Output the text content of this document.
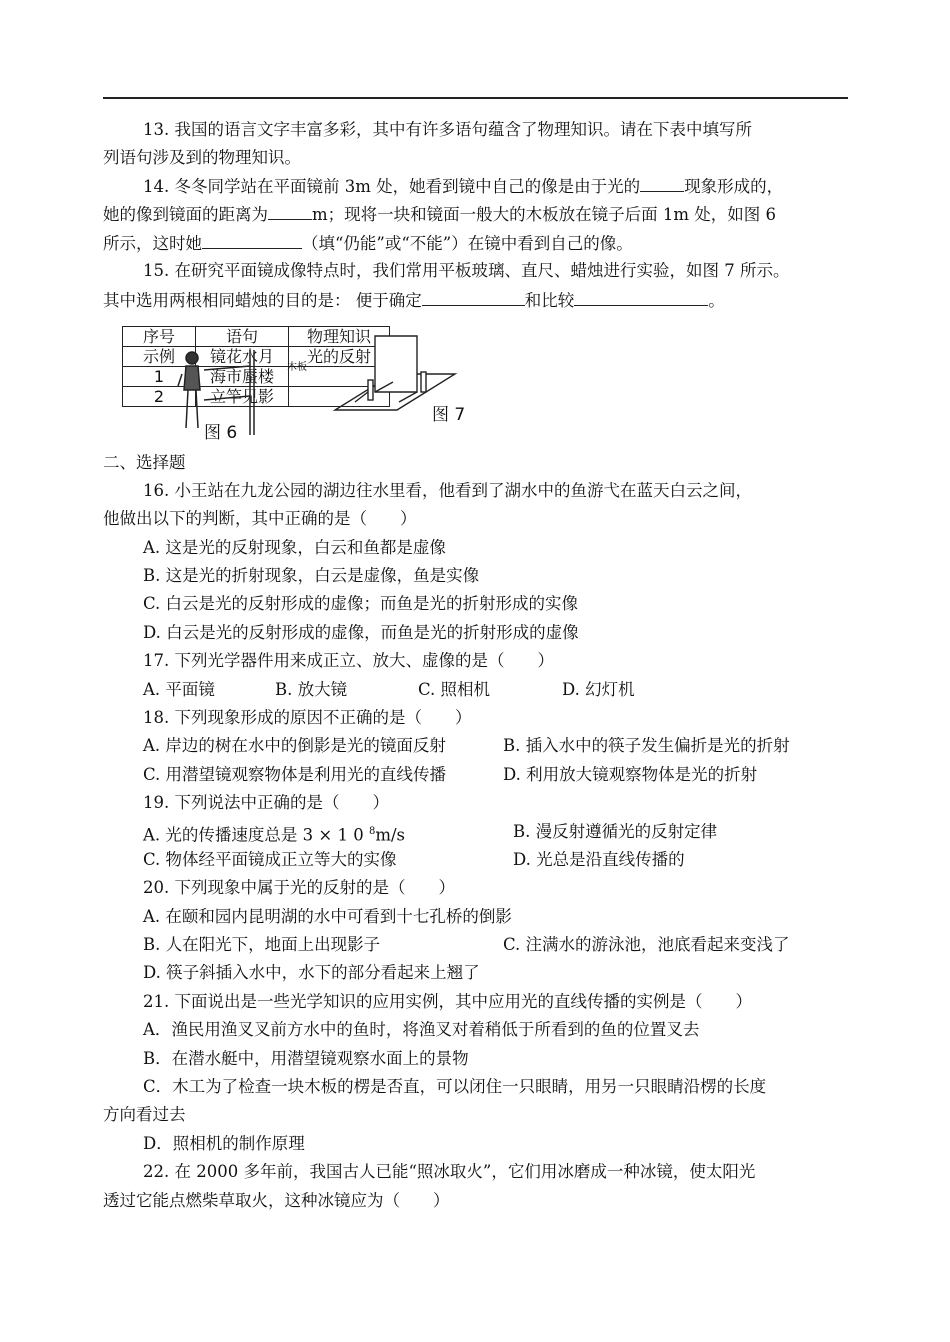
13. 我国的语言文字丰富多彩，其中有许多语句蕴含了物理知识。请在下表中填写所
列语句涉及到的物理知识。
14. 冬冬同学站在平面镜前 3m 处，她看到镜中自己的像是由于光的	现象形成的，
她的像到镜面的距离为	m；现将一块和镜面一般大的木板放在镜子后面 1m 处，如图 6
所示，这时她	（填“仍能”或“不能”）在镜中看到自己的像。
15. 在研究平面镜成像特点时，我们常用平板玻璃、直尺、蜡烛进行实验，如图 7 所示。
其中选用两根相同蜡烛的目的是： 便于确定	和比较	。
序号	语句	物理知识
示例	镜花水月	光的反射
1	海市蜃楼	
2	立竿见影	
木板
图 6
图 7
二、选择题
16. 小王站在九龙公园的湖边往水里看，他看到了湖水中的鱼游弋在蓝天白云之间，
他做出以下的判断，其中正确的是（　　）
A. 这是光的反射现象，白云和鱼都是虚像
B. 这是光的折射现象，白云是虚像，鱼是实像
C. 白云是光的反射形成的虚像；而鱼是光的折射形成的实像
D. 白云是光的反射形成的虚像，而鱼是光的折射形成的虚像
17. 下列光学器件用来成正立、放大、虚像的是（　　）
A. 平面镜	B. 放大镜	C. 照相机	D. 幻灯机
18. 下列现象形成的原因不正确的是（　　）
A. 岸边的树在水中的倒影是光的镜面反射	B. 插入水中的筷子发生偏折是光的折射
C. 用潜望镜观察物体是利用光的直线传播	D. 利用放大镜观察物体是光的折射
19. 下列说法中正确的是（　　）
A. 光的传播速度总是 3 × 1 0 $^8$m/s	B. 漫反射遵循光的反射定律
C. 物体经平面镜成正立等大的实像	D. 光总是沿直线传播的
20. 下列现象中属于光的反射的是（　　）
A. 在颐和园内昆明湖的水中可看到十七孔桥的倒影
B. 人在阳光下，地面上出现影子	C. 注满水的游泳池，池底看起来变浅了
D. 筷子斜插入水中，水下的部分看起来上翘了
21. 下面说出是一些光学知识的应用实例，其中应用光的直线传播的实例是（　　）
A．渔民用渔叉叉前方水中的鱼时，将渔叉对着稍低于所看到的鱼的位置叉去
B．在潜水艇中，用潜望镜观察水面上的景物
C．木工为了检查一块木板的楞是否直，可以闭住一只眼睛，用另一只眼睛沿楞的长度
方向看过去
D．照相机的制作原理
22. 在 2000 多年前，我国古人已能“照冰取火”，它们用冰磨成一种冰镜，使太阳光
透过它能点燃柴草取火，这种冰镜应为（　　）
